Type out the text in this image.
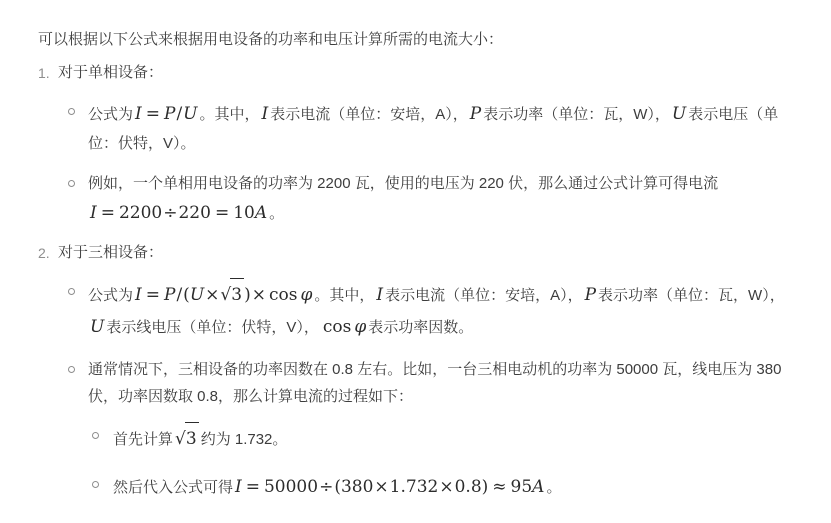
可以根据以下公式来根据用电设备的功率和电压计算所需的电流大小：

1. 对于单相设备：

公式为 I = P/U 。其中， I 表示电流（单位：安培，A）， P 表示功率（单位：瓦，W）， U 表示电压（单位：伏特，V）。

例如，一个单相用电设备的功率为 2200 瓦，使用的电压为 220 伏，那么通过公式计算可得电流I = 2200÷220 = 10A 。

2. 对于三相设备：

公式为 I = P/(U×√3 )× cos φ 。其中， I 表示电流（单位：安培，A）， P 表示功率（单位：瓦，W），U 表示线电压（单位：伏特，V）， cos φ 表示功率因数。

通常情况下，三相设备的功率因数在 0.8 左右。比如，一台三相电动机的功率为 50000 瓦，线电压为 380 伏，功率因数取 0.8，那么计算电流的过程如下：

首先计算 √3 约为 1.732。

然后代入公式可得 I = 50000÷(380×1.732×0.8) ≈ 95A 。
